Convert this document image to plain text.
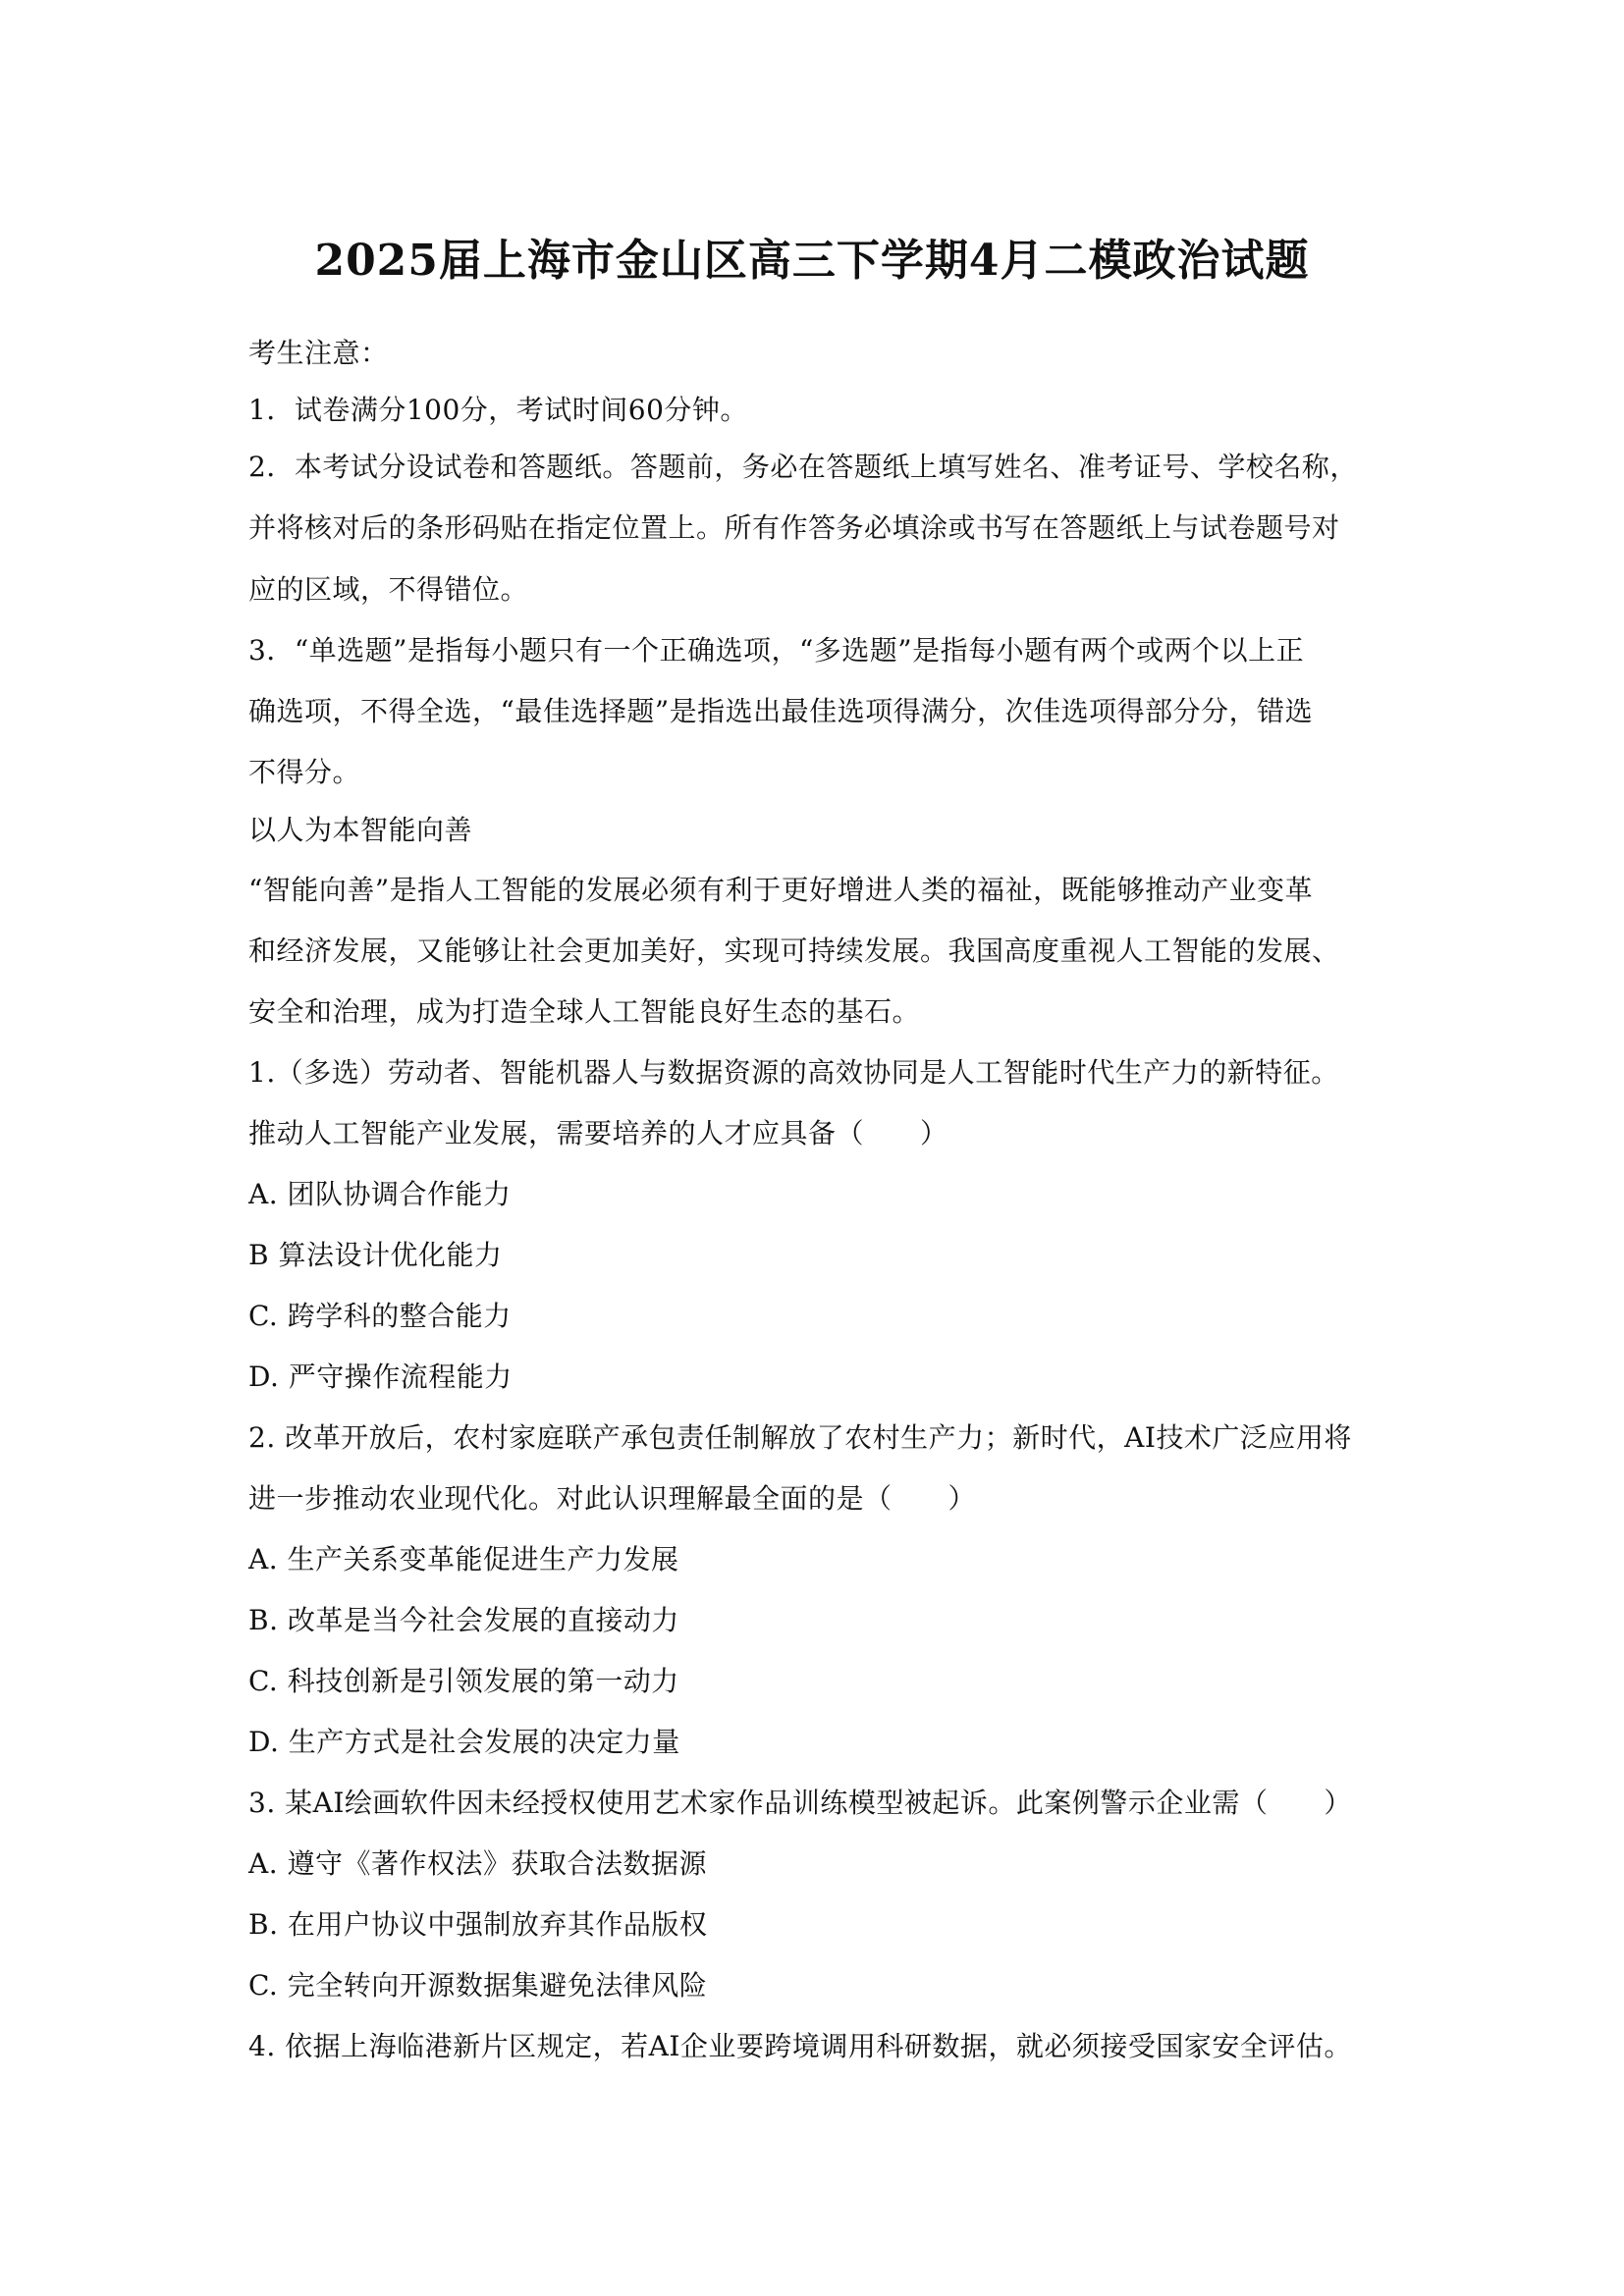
2025届上海市金山区高三下学期4月二模政治试题
考生注意：
1．试卷满分100分，考试时间60分钟。
2．本考试分设试卷和答题纸。答题前，务必在答题纸上填写姓名、准考证号、学校名称，
并将核对后的条形码贴在指定位置上。所有作答务必填涂或书写在答题纸上与试卷题号对
应的区域，不得错位。
3．“单选题”是指每小题只有一个正确选项，“多选题”是指每小题有两个或两个以上正
确选项，不得全选，“最佳选择题”是指选出最佳选项得满分，次佳选项得部分分，错选
不得分。
以人为本智能向善
“智能向善”是指人工智能的发展必须有利于更好增进人类的福祉，既能够推动产业变革
和经济发展，又能够让社会更加美好，实现可持续发展。我国高度重视人工智能的发展、
安全和治理，成为打造全球人工智能良好生态的基石。
1.（多选）劳动者、智能机器人与数据资源的高效协同是人工智能时代生产力的新特征。
推动人工智能产业发展，需要培养的人才应具备（　　）
A. 团队协调合作能力
B 算法设计优化能力
C. 跨学科的整合能力
D. 严守操作流程能力
2. 改革开放后，农村家庭联产承包责任制解放了农村生产力；新时代，AI技术广泛应用将
进一步推动农业现代化。对此认识理解最全面的是（　　）
A. 生产关系变革能促进生产力发展
B. 改革是当今社会发展的直接动力
C. 科技创新是引领发展的第一动力
D. 生产方式是社会发展的决定力量
3. 某AI绘画软件因未经授权使用艺术家作品训练模型被起诉。此案例警示企业需（　　）
A. 遵守《著作权法》获取合法数据源
B. 在用户协议中强制放弃其作品版权
C. 完全转向开源数据集避免法律风险
4. 依据上海临港新片区规定，若AI企业要跨境调用科研数据，就必须接受国家安全评估。
